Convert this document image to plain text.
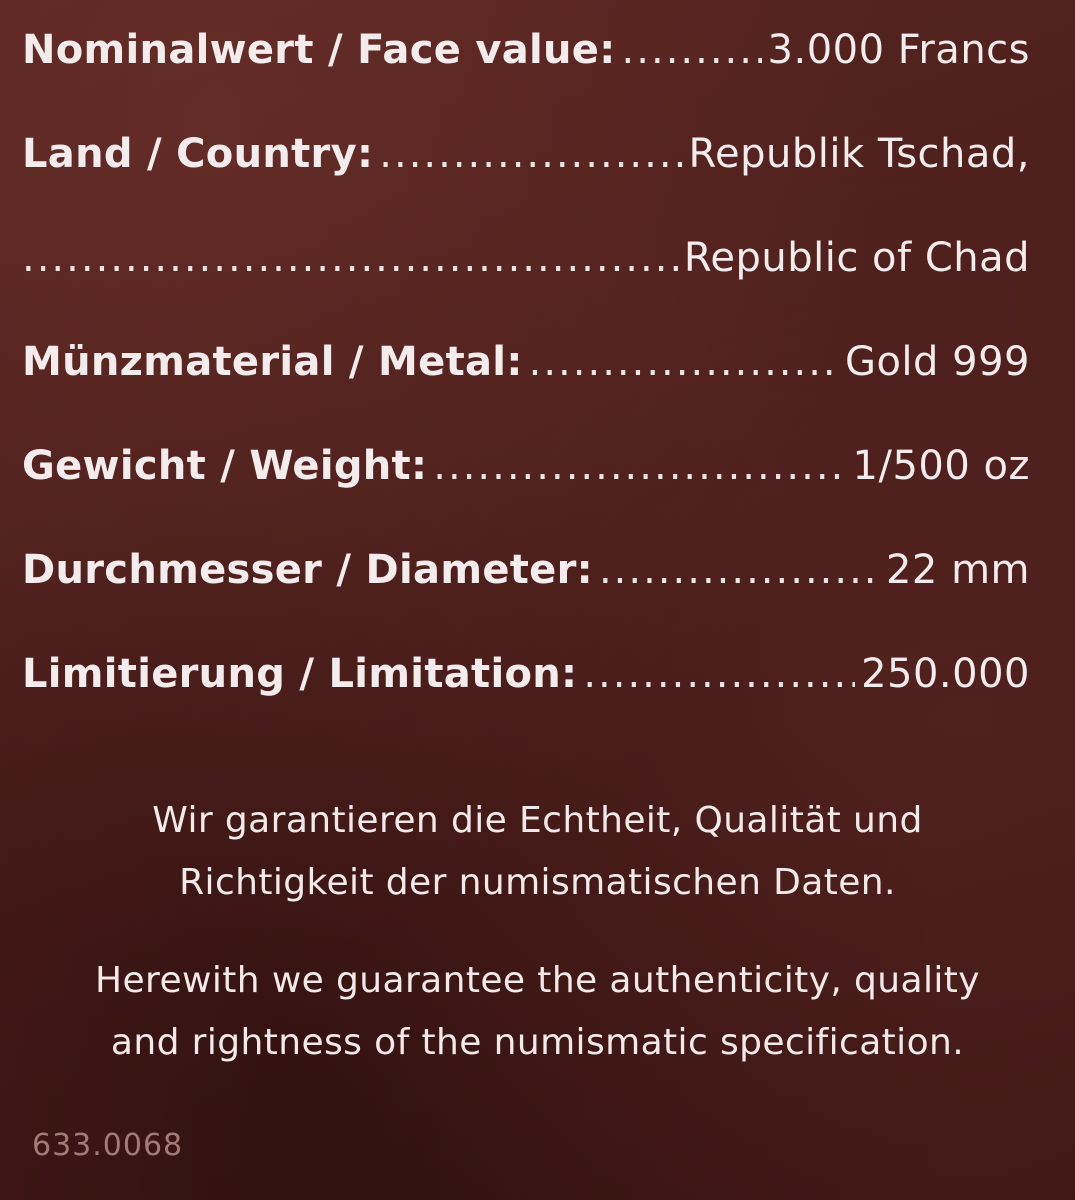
Nominalwert / Face value: .....	3.000 Francs
Land / Country: .....	Republik Tschad,
.....
Republic of Chad
Münzmaterial / Metal: .....	Gold 999
Gewicht / Weight: .....	1/500 oz
Durchmesser / Diameter: .....	22 mm
Limitierung / Limitation: .....	250.000
Wir garantieren die Echtheit, Qualität und
Richtigkeit der numismatischen Daten.
Herewith we guarantee the authenticity, quality
and rightness of the numismatic specification.
633.0068
